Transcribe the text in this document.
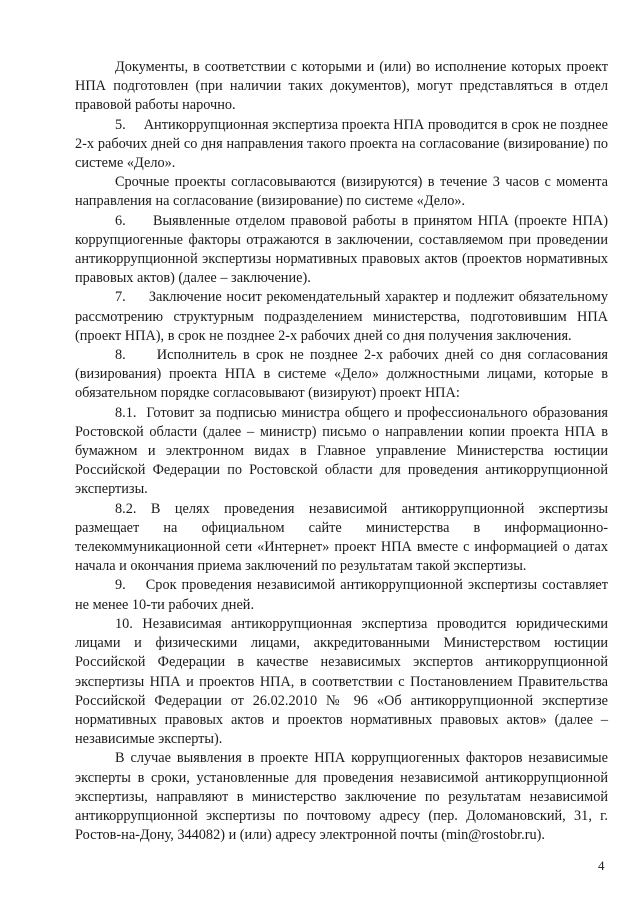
Документы, в соответствии с которыми и (или) во исполнение которых проект НПА подготовлен (при наличии таких документов), могут представляться в отдел правовой работы нарочно.

5.     Антикоррупционная экспертиза проекта НПА проводится в срок не позднее 2-х рабочих дней со дня направления такого проекта на согласование (визирование) по системе «Дело».

Срочные проекты согласовываются (визируются) в течение 3 часов с момента направления на согласование (визирование) по системе «Дело».

6.     Выявленные отделом правовой работы в принятом НПА (проекте НПА) коррупциогенные факторы отражаются в заключении, составляемом при проведении антикоррупционной экспертизы нормативных правовых актов (проектов нормативных правовых актов) (далее – заключение).

7.     Заключение носит рекомендательный характер и подлежит обязательному рассмотрению структурным подразделением министерства, подготовившим НПА (проект НПА), в срок не позднее 2-х рабочих дней со дня получения заключения.

8.     Исполнитель в срок не позднее 2-х рабочих дней со дня согласования (визирования) проекта НПА в системе «Дело» должностными лицами, которые в обязательном порядке согласовывают (визируют) проект НПА:

8.1.  Готовит за подписью министра общего и профессионального образования Ростовской области (далее – министр) письмо о направлении копии проекта НПА в бумажном и электронном видах в Главное управление Министерства юстиции Российской Федерации по Ростовской области для проведения антикоррупционной экспертизы.

8.2. В целях проведения независимой антикоррупционной экспертизы размещает на официальном сайте министерства в информационно-телекоммуникационной сети «Интернет» проект НПА вместе с информацией о датах начала и окончания приема заключений по результатам такой экспертизы.

9.    Срок проведения независимой антикоррупционной экспертизы составляет не менее 10-ти рабочих дней.

10. Независимая антикоррупционная экспертиза проводится юридическими лицами и физическими лицами, аккредитованными Министерством юстиции Российской Федерации в качестве независимых экспертов антикоррупционной экспертизы НПА и проектов НПА, в соответствии с Постановлением Правительства Российской Федерации от 26.02.2010 № 96 «Об антикоррупционной экспертизе нормативных правовых актов и проектов нормативных правовых актов» (далее – независимые эксперты).

В случае выявления в проекте НПА коррупциогенных факторов независимые эксперты в сроки, установленные для проведения независимой антикоррупционной экспертизы, направляют в министерство заключение по результатам независимой антикоррупционной экспертизы по почтовому адресу (пер. Доломановский, 31, г. Ростов-на-Дону, 344082) и (или) адресу электронной почты (min@rostobr.ru).

4
